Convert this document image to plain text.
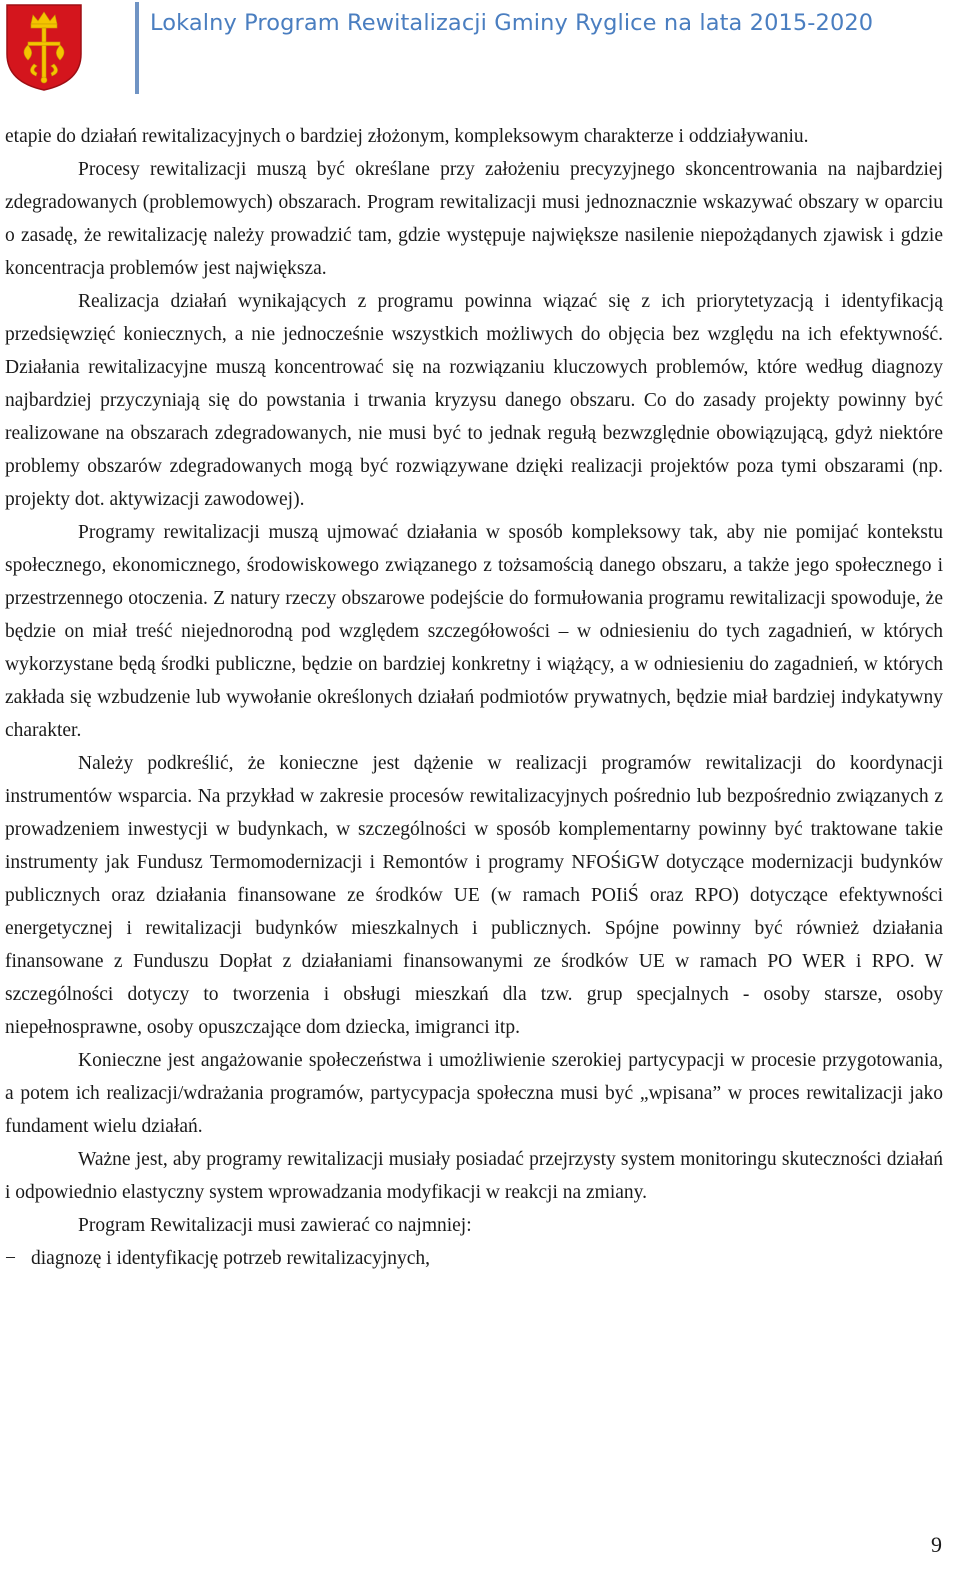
Lokalny Program Rewitalizacji Gminy Ryglice na lata 2015-2020

etapie do działań rewitalizacyjnych o bardziej złożonym, kompleksowym charakterze i oddziaływaniu.

Procesy rewitalizacji muszą być określane przy założeniu precyzyjnego skoncentrowania na najbardziej zdegradowanych (problemowych) obszarach. Program rewitalizacji musi jednoznacznie wskazywać obszary w oparciu o zasadę, że rewitalizację należy prowadzić tam, gdzie występuje największe nasilenie niepożądanych zjawisk i gdzie koncentracja problemów jest największa.

Realizacja działań wynikających z programu powinna wiązać się z ich priorytetyzacją i identyfikacją przedsięwzięć koniecznych, a nie jednocześnie wszystkich możliwych do objęcia bez względu na ich efektywność. Działania rewitalizacyjne muszą koncentrować się na rozwiązaniu kluczowych problemów, które według diagnozy najbardziej przyczyniają się do powstania i trwania kryzysu danego obszaru. Co do zasady projekty powinny być realizowane na obszarach zdegradowanych, nie musi być to jednak regułą bezwzględnie obowiązującą, gdyż niektóre problemy obszarów zdegradowanych mogą być rozwiązywane dzięki realizacji projektów poza tymi obszarami (np. projekty dot. aktywizacji zawodowej).

Programy rewitalizacji muszą ujmować działania w sposób kompleksowy tak, aby nie pomijać kontekstu społecznego, ekonomicznego, środowiskowego związanego z tożsamością danego obszaru, a także jego społecznego i przestrzennego otoczenia. Z natury rzeczy obszarowe podejście do formułowania programu rewitalizacji spowoduje, że będzie on miał treść niejednorodną pod względem szczegółowości – w odniesieniu do tych zagadnień, w których wykorzystane będą środki publiczne, będzie on bardziej konkretny i wiążący, a w odniesieniu do zagadnień, w których zakłada się wzbudzenie lub wywołanie określonych działań podmiotów prywatnych, będzie miał bardziej indykatywny charakter.

Należy podkreślić, że konieczne jest dążenie w realizacji programów rewitalizacji do koordynacji instrumentów wsparcia. Na przykład w zakresie procesów rewitalizacyjnych pośrednio lub bezpośrednio związanych z prowadzeniem inwestycji w budynkach, w szczególności w sposób komplementarny powinny być traktowane takie instrumenty jak Fundusz Termomodernizacji i Remontów i programy NFOŚiGW dotyczące modernizacji budynków publicznych oraz działania finansowane ze środków UE (w ramach POIiŚ oraz RPO) dotyczące efektywności energetycznej i rewitalizacji budynków mieszkalnych i publicznych. Spójne powinny być również działania finansowane z Funduszu Dopłat z działaniami finansowanymi ze środków UE w ramach PO WER i RPO. W szczególności dotyczy to tworzenia i obsługi mieszkań dla tzw. grup specjalnych - osoby starsze, osoby niepełnosprawne, osoby opuszczające dom dziecka, imigranci itp.

Konieczne jest angażowanie społeczeństwa i umożliwienie szerokiej partycypacji w procesie przygotowania, a potem ich realizacji/wdrażania programów, partycypacja społeczna musi być „wpisana” w proces rewitalizacji jako fundament wielu działań.

Ważne jest, aby programy rewitalizacji musiały posiadać przejrzysty system monitoringu skuteczności działań i odpowiednio elastyczny system wprowadzania modyfikacji w reakcji na zmiany.

Program Rewitalizacji musi zawierać co najmniej:

− diagnozę i identyfikację potrzeb rewitalizacyjnych,
9
